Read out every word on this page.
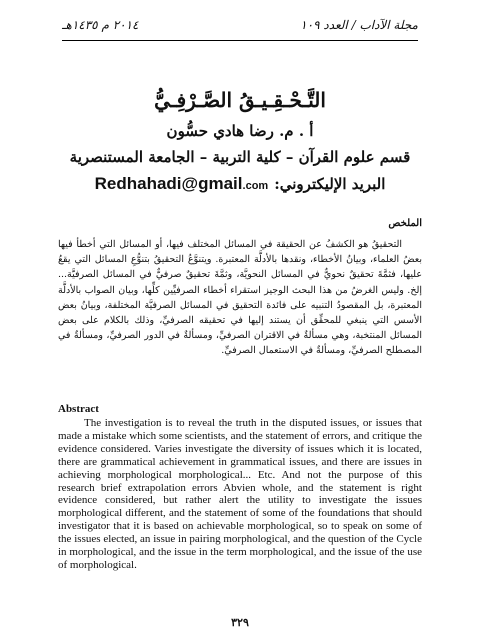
٢٠١٤ م ١٤٣٥هـ	مجلة الآداب / العدد ١٠٩
التَّـحْـقِـيـقُ الصَّـرْفِـيُّ

أ . م. رضا هادي حسُّون

قسم علوم القرآن – كلية التربية – الجامعة المستنصرية

البريد الإليكتروني:
Redhahadi@gmail.com

الملخص

التحقيقُ هو الكشفُ عن الحقيقة في المسائل المختلف فيها، أو المسائل التي أخطأ فيها بعضُ العلماء، وبيانُ الأخطاء، ونقدها بالأدلَّة المعتبرة. ويتنوَّعُ التحقيقُ بتنوُّعِ المسائل التي يقعُ عليها، فثمَّةَ تحقيقٌ نحويٌّ في المسائل النحويَّة، وثمَّةَ تحقيقٌ صرفيٌّ في المسائل الصرفيَّة... إلخ. وليس الغرضُ من هذا البحث الوجيز استقراء أخطاء الصرفيِّين كلِّها، وبيان الصواب بالأدلَّة المعتبرة، بل المقصودُ التنبيه على فائدة التحقيق في المسائل الصرفيَّة المختلفة، وبيانُ بعض الأسس التي ينبغي للمحقِّق أن يستند إليها في تحقيقه الصرفيِّ، وذلك بالكلام على بعض المسائل المنتخبة، وهي مسألةٌ في الاقتران الصرفيِّ، ومسألةٌ في الدور الصرفيِّ، ومسألةٌ في المصطلح الصرفيِّ، ومسألةٌ في الاستعمال الصرفيِّ.

Abstract

The investigation is to reveal the truth in the disputed issues, or issues that made a mistake which some scientists, and the statement of errors, and critique the evidence considered. Varies investigate the diversity of issues which it is located, there are grammatical achievement in grammatical issues, and there are issues in achieving morphological morphological... Etc. And not the purpose of this research brief extrapolation errors Abvien whole, and the statement is right evidence considered, but rather alert the utility to investigate the issues morphological different, and the statement of some of the foundations that should investigator that it is based on achievable morphological, so to speak on some of the issues elected, an issue in pairing morphological, and the question of the Cycle in morphological, and the issue in the term morphological, and the issue of the use of morphological.

٣٢٩
